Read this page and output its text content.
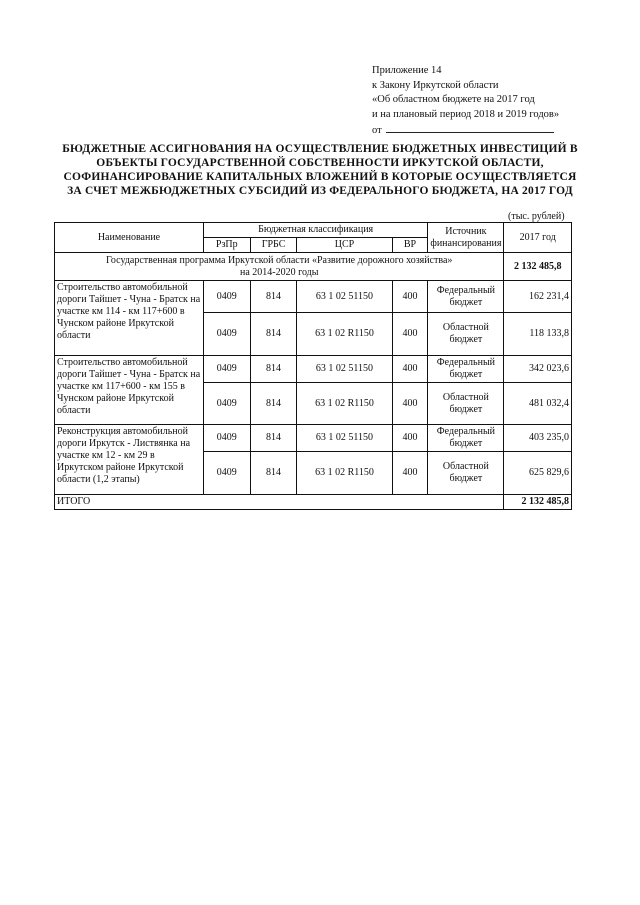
Приложение 14
к Закону Иркутской области
«Об областном бюджете на 2017 год
и на плановый период 2018 и 2019 годов»
от
БЮДЖЕТНЫЕ АССИГНОВАНИЯ НА ОСУЩЕСТВЛЕНИЕ БЮДЖЕТНЫХ ИНВЕСТИЦИЙ В ОБЪЕКТЫ ГОСУДАРСТВЕННОЙ СОБСТВЕННОСТИ ИРКУТСКОЙ ОБЛАСТИ, СОФИНАНСИРОВАНИЕ КАПИТАЛЬНЫХ ВЛОЖЕНИЙ В КОТОРЫЕ ОСУЩЕСТВЛЯЕТСЯ ЗА СЧЕТ МЕЖБЮДЖЕТНЫХ СУБСИДИЙ ИЗ ФЕДЕРАЛЬНОГО БЮДЖЕТА, НА 2017 ГОД
(тыс. рублей)
Наименование	Бюджетная классификация				Источник финансирования	2017 год
	РзПр	ГРБС	ЦСР	ВР		

Государственная программа Иркутской области «Развитие дорожного хозяйства»
на 2014-2020 годы						2 132 485,8
Строительство автомобильной дороги Тайшет - Чуна - Братск на участке км 114 - км 117+600 в Чунском районе Иркутской области	0409	814	63 1 02 51150	400	Федеральный бюджет	162 231,4
	0409	814	63 1 02 R1150	400	Областной бюджет	118 133,8
Строительство автомобильной дороги Тайшет - Чуна - Братск на участке км 117+600 - км 155 в Чунском районе Иркутской области	0409	814	63 1 02 51150	400	Федеральный бюджет	342 023,6
	0409	814	63 1 02 R1150	400	Областной бюджет	481 032,4
Реконструкция автомобильной дороги Иркутск - Листвянка на участке км 12 - км 29 в Иркутском районе Иркутской области (1,2 этапы)	0409	814	63 1 02 51150	400	Федеральный бюджет	403 235,0
	0409	814	63 1 02 R1150	400	Областной бюджет	625 829,6
ИТОГО						2 132 485,8
